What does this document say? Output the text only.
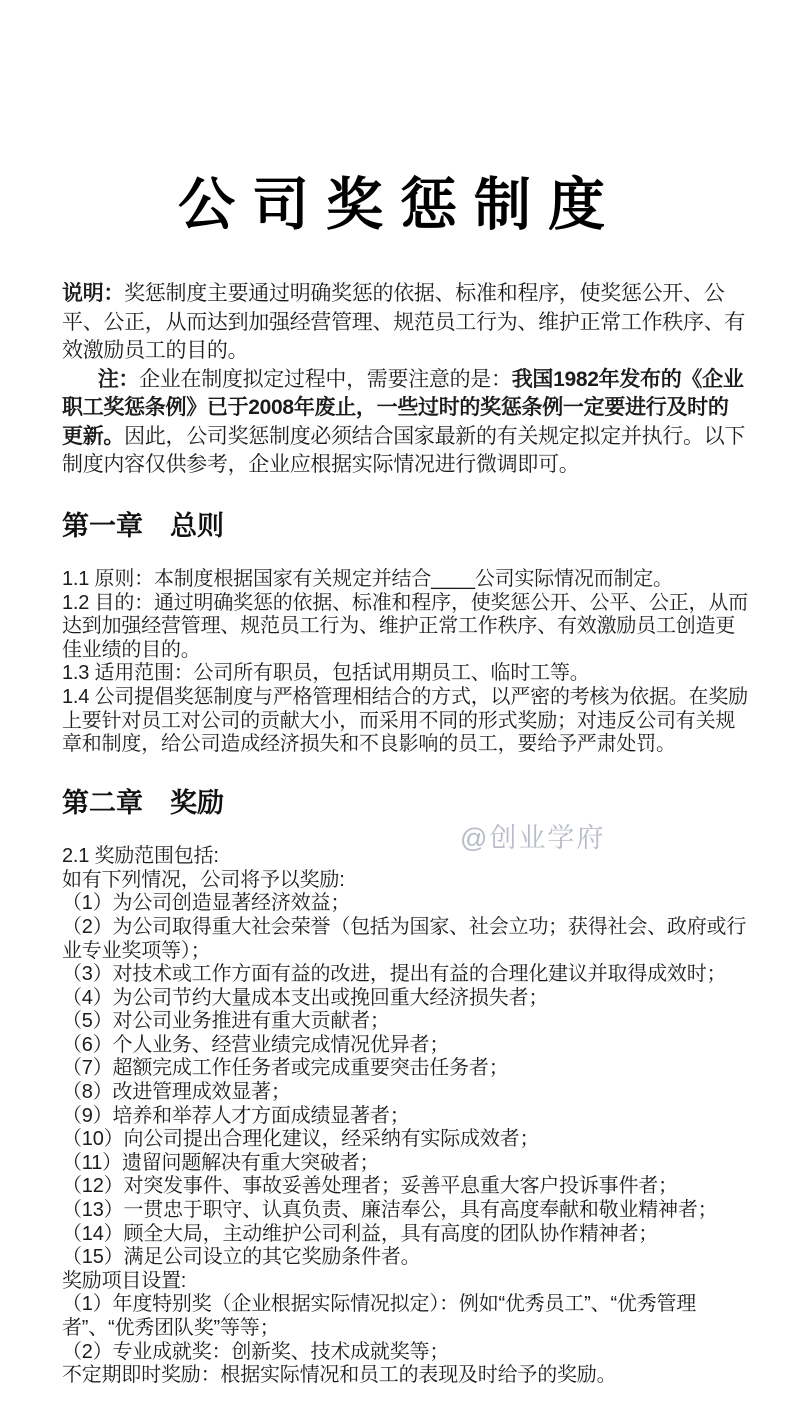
公司奖惩制度

说明：奖惩制度主要通过明确奖惩的依据、标准和程序，使奖惩公开、公平、公正，从而达到加强经营管理、规范员工行为、维护正常工作秩序、有效激励员工的目的。

注：企业在制度拟定过程中，需要注意的是：我国1982年发布的《企业职工奖惩条例》已于2008年废止，一些过时的奖惩条例一定要进行及时的更新。因此，公司奖惩制度必须结合国家最新的有关规定拟定并执行。以下制度内容仅供参考，企业应根据实际情况进行微调即可。

第一章　总则

1.1 原则：本制度根据国家有关规定并结合____公司实际情况而制定。

1.2 目的：通过明确奖惩的依据、标准和程序，使奖惩公开、公平、公正，从而达到加强经营管理、规范员工行为、维护正常工作秩序、有效激励员工创造更佳业绩的目的。

1.3 适用范围：公司所有职员，包括试用期员工、临时工等。

1.4 公司提倡奖惩制度与严格管理相结合的方式，以严密的考核为依据。在奖励上要针对员工对公司的贡献大小，而采用不同的形式奖励；对违反公司有关规章和制度，给公司造成经济损失和不良影响的员工，要给予严肃处罚。

第二章　奖励

2.1 奖励范围包括:

如有下列情况，公司将予以奖励:

（1）为公司创造显著经济效益；

（2）为公司取得重大社会荣誉（包括为国家、社会立功；获得社会、政府或行业专业奖项等）；

（3）对技术或工作方面有益的改进，提出有益的合理化建议并取得成效时；

（4）为公司节约大量成本支出或挽回重大经济损失者；

（5）对公司业务推进有重大贡献者；

（6）个人业务、经营业绩完成情况优异者；

（7）超额完成工作任务者或完成重要突击任务者；

（8）改进管理成效显著；

（9）培养和举荐人才方面成绩显著者；

（10）向公司提出合理化建议，经采纳有实际成效者；

（11）遗留问题解决有重大突破者；

（12）对突发事件、事故妥善处理者；妥善平息重大客户投诉事件者；

（13）一贯忠于职守、认真负责、廉洁奉公，具有高度奉献和敬业精神者；

（14）顾全大局，主动维护公司利益，具有高度的团队协作精神者；

（15）满足公司设立的其它奖励条件者。

奖励项目设置:

（1）年度特别奖（企业根据实际情况拟定）：例如“优秀员工”、“优秀管理者”、“优秀团队奖”等等；

（2）专业成就奖：创新奖、技术成就奖等；

不定期即时奖励：根据实际情况和员工的表现及时给予的奖励。

@创业学府
